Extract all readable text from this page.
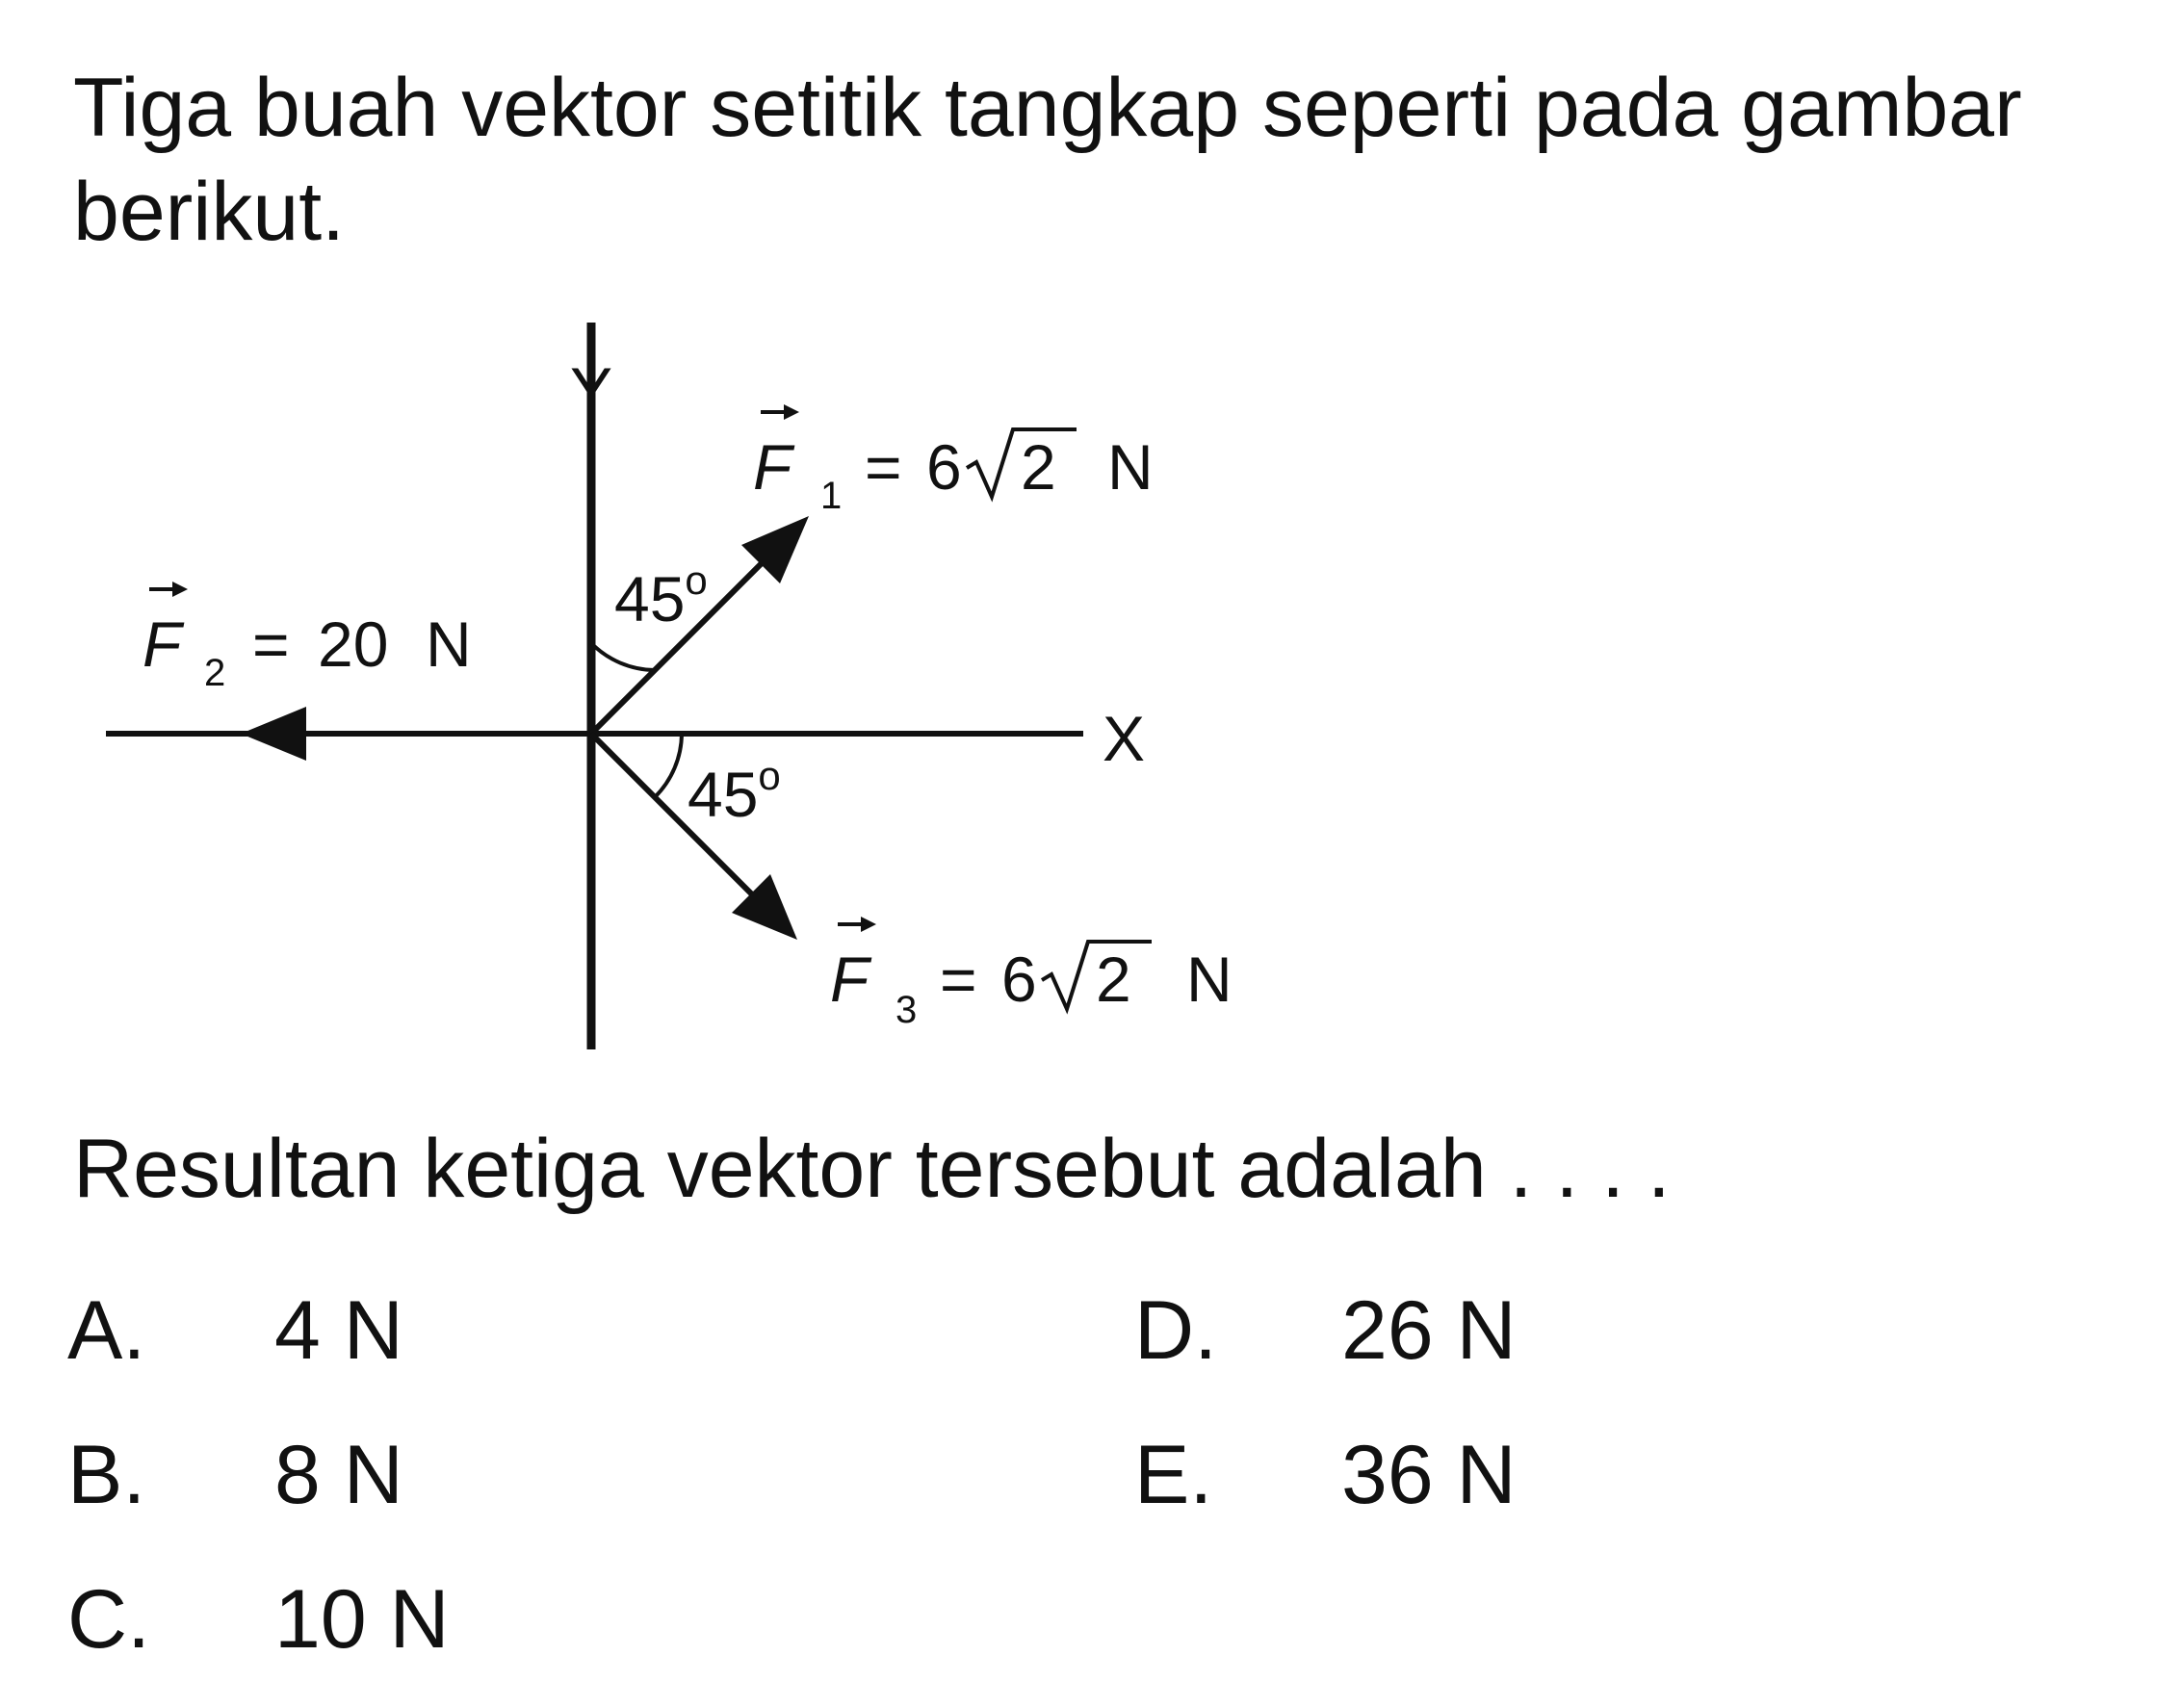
Tiga buah vektor setitik tangkap seperti pada gambar berikut.

Y
X
45$^o$
45$^o$
F 1 = 6 2 N
F 2 = 20 N
F 3 = 6 2 N

Resultan ketiga vektor tersebut adalah . . . .

A. 4 N
B. 8 N
C. 10 N
D. 26 N
E. 36 N
